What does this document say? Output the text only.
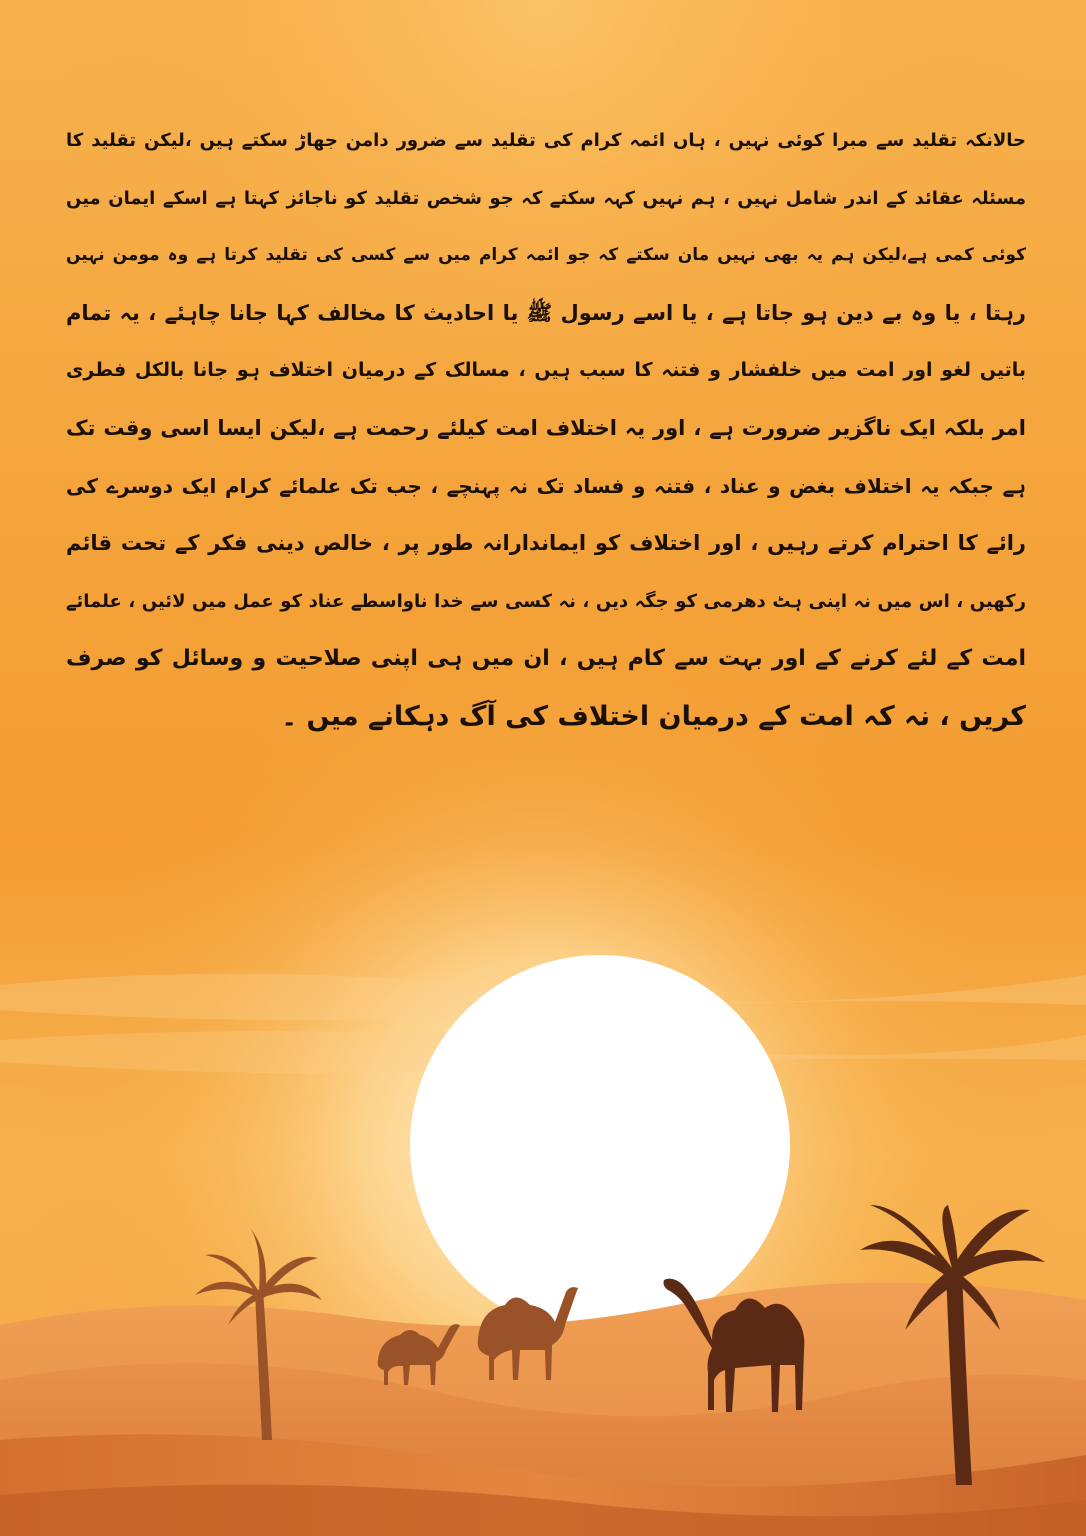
حالانکہ تقلید سے مبرا کوئی نہیں ، ہاں ائمہ کرام کی تقلید سے ضرور دامن جھاڑ سکتے ہیں ،لیکن تقلید کا
مسئلہ عقائد کے اندر شامل نہیں ، ہم نہیں کہہ سکتے کہ جو شخص تقلید کو ناجائز کہتا ہے اسکے ایمان میں
کوئی کمی ہے،لیکن ہم یہ بھی نہیں مان سکتے کہ جو ائمہ کرام میں سے کسی کی تقلید کرتا ہے وہ مومن نہیں
رہتا ، یا وہ بے دین ہو جاتا ہے ، یا اسے رسول ﷺ یا احادیث کا مخالف کہا جانا چاہئے ، یہ تمام
باتیں لغو اور امت میں خلفشار و فتنہ کا سبب ہیں ، مسالک کے درمیان اختلاف ہو جانا بالکل فطری
امر بلکہ ایک ناگزیر ضرورت ہے ، اور یہ اختلاف امت کیلئے رحمت ہے ،لیکن ایسا اسی وقت تک
ہے جبکہ یہ اختلاف بغض و عناد ، فتنہ و فساد تک نہ پہنچے ، جب تک علمائے کرام ایک دوسرے کی
رائے کا احترام کرتے رہیں ، اور اختلاف کو ایماندارانہ طور پر ، خالص دینی فکر کے تحت قائم
رکھیں ، اس میں نہ اپنی ہٹ دھرمی کو جگہ دیں ، نہ کسی سے خدا ناواسطے عناد کو عمل میں لائیں ، علمائے
امت کے لئے کرنے کے اور بہت سے کام ہیں ، ان میں ہی اپنی صلاحیت و وسائل کو صرف
کریں ، نہ کہ امت کے درمیان اختلاف کی آگ دہکانے میں ۔
